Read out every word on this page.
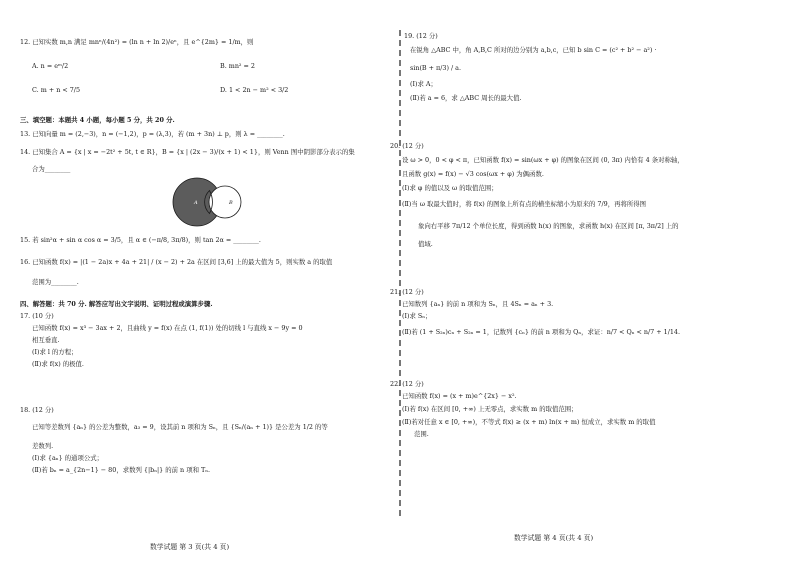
12. 已知实数 m,n 满足 mnⁿ/(4n²) = (ln n + ln 2)/eⁿ，且 e^{2m} = 1/m，则
A. n = eᵐ/2	B. mn² = 2
C. m + n < 7/5	D. 1 < 2n − m² < 3/2
三、填空题：本题共 4 小题，每小题 5 分，共 20 分.
13. 已知向量 m = (2,−3)，n = (−1,2)，p = (λ,3)，若 (m + 3n) ⊥ p，则 λ = ________.
14. 已知集合 A = {x | x = −2t² + 5t, t ∈ R}，B = {x | (2x − 3)/(x + 1) < 1}，则 Venn 图中阴影部分表示的集
合为________
A	B
15. 若 sin²α + sin α cos α = 3/5，且 α ∈ (−π/8, 3π/8)，则 tan 2α = ________.
16. 已知函数 f(x) = |(1 − 2a)x + 4a + 21| / (x − 2) + 2a 在区间 [3,6] 上的最大值为 5，则实数 a 的取值
范围为________.
四、解答题：共 70 分. 解答应写出文字说明、证明过程或演算步骤.
17. (10 分)
已知函数 f(x) = x³ − 3ax + 2，且曲线 y = f(x) 在点 (1, f(1)) 处的切线 l 与直线 x − 9y = 0
相互垂直.
(Ⅰ)求 l 的方程；
(Ⅱ)求 f(x) 的极值.
18. (12 分)
已知等差数列 {aₙ} 的公差为整数，a₃ = 9，设其前 n 项和为 Sₙ，且 {Sₙ/(aₙ + 1)} 是公差为 1/2 的等
差数列.
(Ⅰ)求 {aₙ} 的通项公式；
(Ⅱ)若 bₙ = a_{2n−1} − 80，求数列 {|bₙ|} 的前 n 项和 Tₙ.
数学试题 第 3 页(共 4 页)
19. (12 分)
在锐角 △ABC 中，角 A,B,C 所对的边分别为 a,b,c，已知 b sin C = (c² + b² − a²) ·
sin(B + π/3) / a.
(Ⅰ)求 A；
(Ⅱ)若 a = 6，求 △ABC 周长的最大值.
20. (12 分)
设 ω > 0，0 < φ < π，已知函数 f(x) = sin(ωx + φ) 的图象在区间 (0, 3π) 内恰有 4 条对称轴，
且函数 g(x) = f(x) − √3 cos(ωx + φ) 为偶函数.
(Ⅰ)求 φ 的值以及 ω 的取值范围；
(Ⅱ)当 ω 取最大值时，将 f(x) 的图象上所有点的横坐标缩小为原来的 7/9，再将所得图
象向右平移 7π/12 个单位长度，得到函数 h(x) 的图象，求函数 h(x) 在区间 [π, 3π/2] 上的
值域.
21. (12 分)
已知数列 {aₙ} 的前 n 项和为 Sₙ，且 4Sₙ = aₙ + 3.
(Ⅰ)求 Sₙ；
(Ⅱ)若 (1 + S₂ₙ)cₙ + S₂ₙ = 1，记数列 {cₙ} 的前 n 项和为 Qₙ，求证：n/7 < Qₙ < n/7 + 1/14.
22. (12 分)
已知函数 f(x) = (x + m)e^{2x} − x².
(Ⅰ)若 f(x) 在区间 [0, +∞) 上无零点，求实数 m 的取值范围；
(Ⅱ)若对任意 x ∈ [0, +∞)，不等式 f(x) ≥ (x + m) ln(x + m) 恒成立，求实数 m 的取值
范围.
数学试题 第 4 页(共 4 页)
